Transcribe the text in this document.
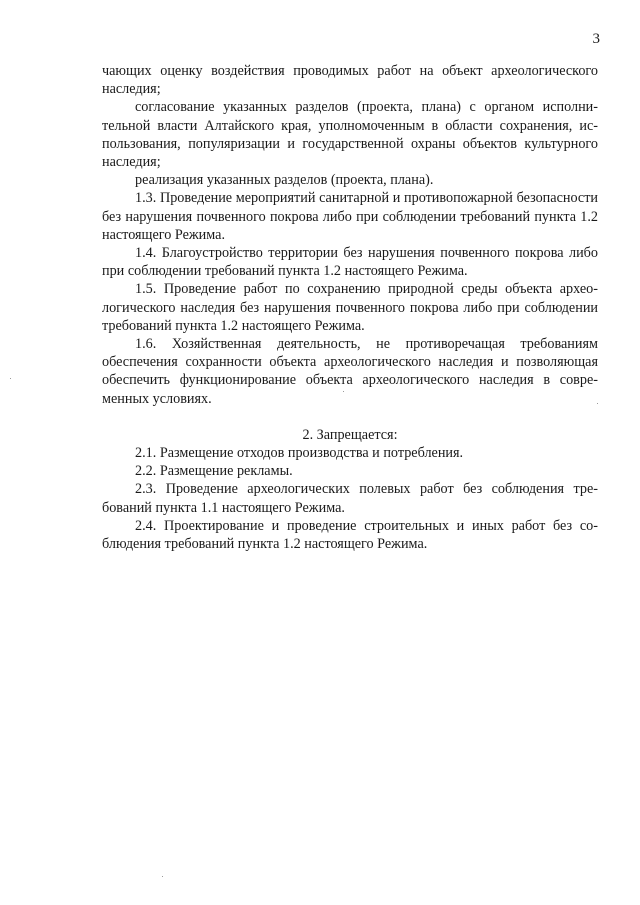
3

чающих оценку воздействия проводимых работ на объект археологического наследия;

согласование указанных разделов (проекта, плана) с органом исполнительной власти Алтайского края, уполномоченным в области сохранения, использования, популяризации и государственной охраны объектов культурного наследия;

реализация указанных разделов (проекта, плана).

1.3. Проведение мероприятий санитарной и противопожарной безопасности без нарушения почвенного покрова либо при соблюдении требований пункта 1.2 настоящего Режима.

1.4. Благоустройство территории без нарушения почвенного покрова либо при соблюдении требований пункта 1.2 настоящего Режима.

1.5. Проведение работ по сохранению природной среды объекта археологического наследия без нарушения почвенного покрова либо при соблюдении требований пункта 1.2 настоящего Режима.

1.6. Хозяйственная деятельность, не противоречащая требованиям обеспечения сохранности объекта археологического наследия и позволяющая обеспечить функционирование объекта археологического наследия в современных условиях.

2. Запрещается:

2.1. Размещение отходов производства и потребления.

2.2. Размещение рекламы.

2.3. Проведение археологических полевых работ без соблюдения требований пункта 1.1 настоящего Режима.

2.4. Проектирование и проведение строительных и иных работ без соблюдения требований пункта 1.2 настоящего Режима.
